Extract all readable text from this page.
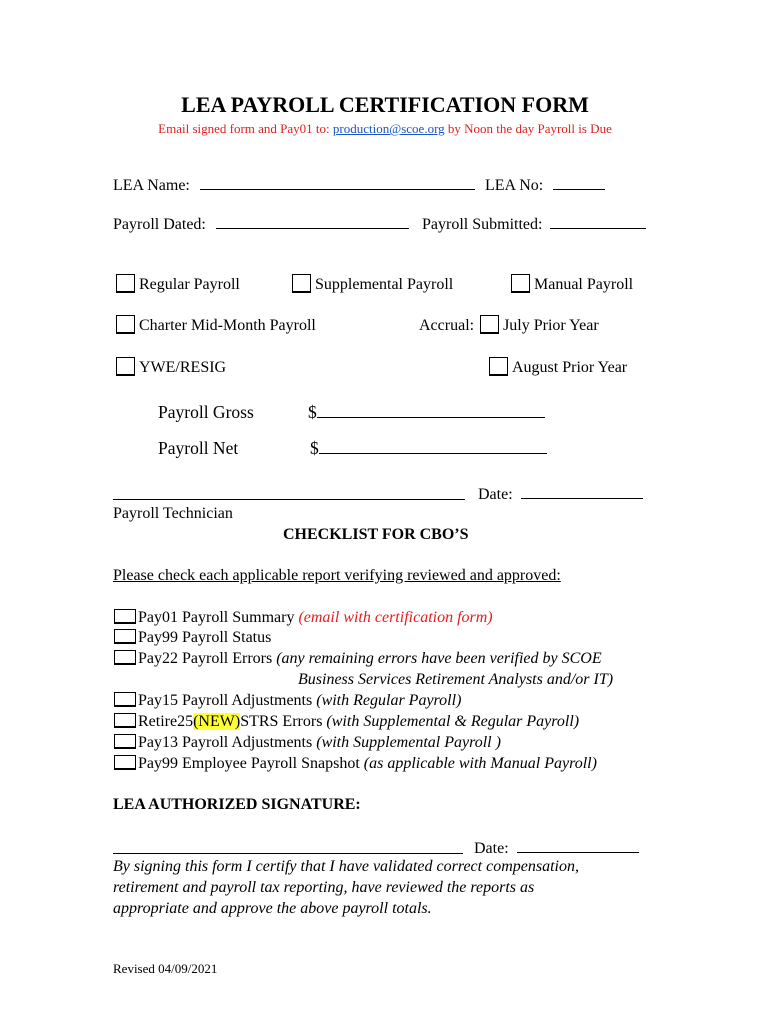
LEA PAYROLL CERTIFICATION FORM
Email signed form and Pay01 to: production@scoe.org by Noon the day Payroll is Due
LEA Name:	LEA No:
Payroll Dated:	Payroll Submitted:
Regular Payroll	Supplemental Payroll	Manual Payroll
Charter Mid-Month Payroll	Accrual: July Prior Year
YWE/RESIG	August Prior Year
Payroll Gross	$
Payroll Net	$
Date:
Payroll Technician
CHECKLIST FOR CBO’S
Please check each applicable report verifying reviewed and approved:
Pay01 Payroll Summary (email with certification form)
Pay99 Payroll Status
Pay22 Payroll Errors (any remaining errors have been verified by SCOE
Business Services Retirement Analysts and/or IT)
Pay15 Payroll Adjustments (with Regular Payroll)
Retire25(NEW)STRS Errors (with Supplemental & Regular Payroll)
Pay13 Payroll Adjustments (with Supplemental Payroll )
Pay99 Employee Payroll Snapshot (as applicable with Manual Payroll)
LEA AUTHORIZED SIGNATURE:
Date:
By signing this form I certify that I have validated correct compensation,
retirement and payroll tax reporting, have reviewed the reports as
appropriate and approve the above payroll totals.
Revised 04/09/2021
